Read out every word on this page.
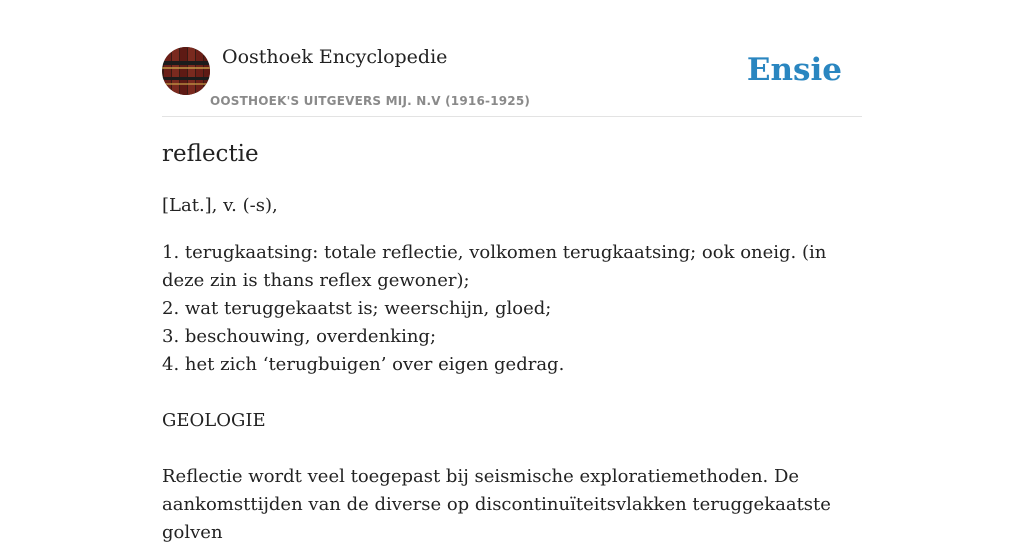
Oosthoek Encyclopedie
OOSTHOEK'S UITGEVERS MIJ. N.V (1916-1925)
Ensie
reflectie

[Lat.], v. (-s),

1. terugkaatsing: totale reflectie, volkomen terugkaatsing; ook oneig. (in deze zin is thans reflex gewoner);

2. wat teruggekaatst is; weerschijn, gloed;

3. beschouwing, overdenking;

4. het zich ‘terugbuigen’ over eigen gedrag.

GEOLOGIE

Reflectie wordt veel toegepast bij seismische exploratiemethoden. De aankomsttijden van de diverse op discontinuïteitsvlakken teruggekaatste golven
